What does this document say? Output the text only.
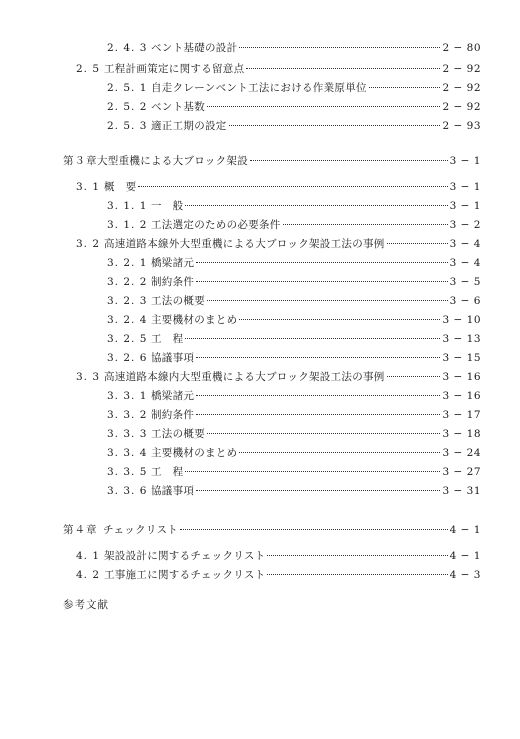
2. 4. 3 ベント基礎の設計	2 − 80
2. 5 工程計画策定に関する留意点	2 − 92
2. 5. 1 自走クレーンベント工法における作業原単位	2 − 92
2. 5. 2 ベント基数	2 − 92
2. 5. 3 適正工期の設定	2 − 93
第３章 大型重機による大ブロック架設	3 − 1
3. 1 概　要	3 − 1
3. 1. 1 一　般	3 − 1
3. 1. 2 工法選定のための必要条件	3 − 2
3. 2 高速道路本線外大型重機による大ブロック架設工法の事例	3 − 4
3. 2. 1 橋梁諸元	3 − 4
3. 2. 2 制約条件	3 − 5
3. 2. 3 工法の概要	3 − 6
3. 2. 4 主要機材のまとめ	3 − 10
3. 2. 5 工　程	3 − 13
3. 2. 6 協議事項	3 − 15
3. 3 高速道路本線内大型重機による大ブロック架設工法の事例	3 − 16
3. 3. 1 橋梁諸元	3 − 16
3. 3. 2 制約条件	3 − 17
3. 3. 3 工法の概要	3 − 18
3. 3. 4 主要機材のまとめ	3 − 24
3. 3. 5 工　程	3 − 27
3. 3. 6 協議事項	3 − 31
第４章 チェックリスト	4 − 1
4. 1 架設設計に関するチェックリスト	4 − 1
4. 2 工事施工に関するチェックリスト	4 − 3
参考文献
